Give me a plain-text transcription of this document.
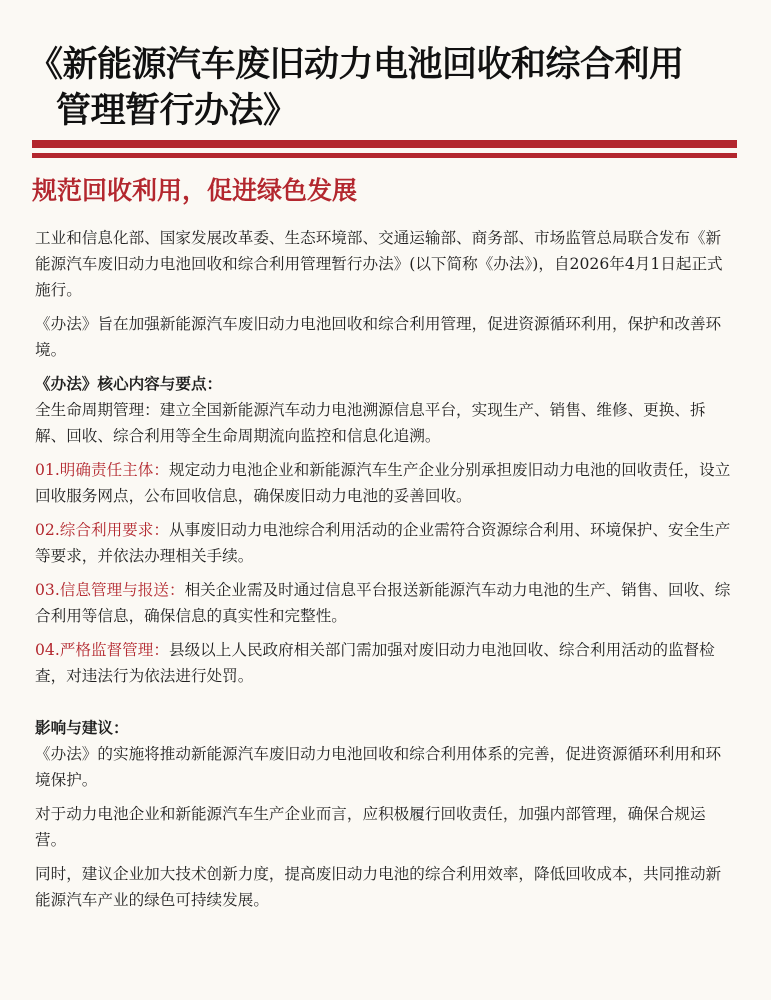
《新能源汽车废旧动力电池回收和综合利用
管理暂行办法》
规范回收利用，促进绿色发展

工业和信息化部、国家发展改革委、生态环境部、交通运输部、商务部、市场监管总局联合发布《新能源汽车废旧动力电池回收和综合利用管理暂行办法》(以下简称《办法》)，自2026年4月1日起正式施行。

《办法》旨在加强新能源汽车废旧动力电池回收和综合利用管理，促进资源循环利用，保护和改善环境。

《办法》核心内容与要点：

全生命周期管理：建立全国新能源汽车动力电池溯源信息平台，实现生产、销售、维修、更换、拆解、回收、综合利用等全生命周期流向监控和信息化追溯。

01.明确责任主体：规定动力电池企业和新能源汽车生产企业分别承担废旧动力电池的回收责任，设立回收服务网点，公布回收信息，确保废旧动力电池的妥善回收。

02.综合利用要求：从事废旧动力电池综合利用活动的企业需符合资源综合利用、环境保护、安全生产等要求，并依法办理相关手续。

03.信息管理与报送：相关企业需及时通过信息平台报送新能源汽车动力电池的生产、销售、回收、综合利用等信息，确保信息的真实性和完整性。

04.严格监督管理：县级以上人民政府相关部门需加强对废旧动力电池回收、综合利用活动的监督检查，对违法行为依法进行处罚。

影响与建议：

《办法》的实施将推动新能源汽车废旧动力电池回收和综合利用体系的完善，促进资源循环利用和环境保护。

对于动力电池企业和新能源汽车生产企业而言，应积极履行回收责任，加强内部管理，确保合规运营。

同时，建议企业加大技术创新力度，提高废旧动力电池的综合利用效率，降低回收成本，共同推动新能源汽车产业的绿色可持续发展。
